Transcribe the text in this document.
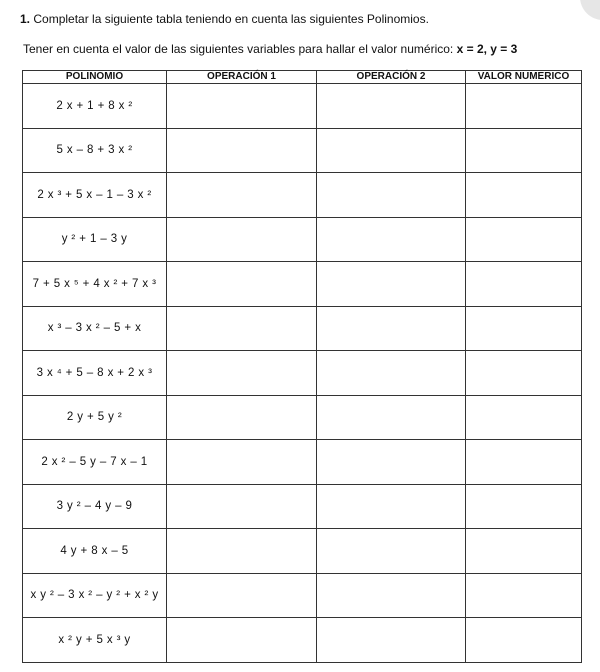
1. Completar la siguiente tabla teniendo en cuenta las siguientes Polinomios.
Tener en cuenta el valor de las siguientes variables para hallar el valor numérico: x = 2, y = 3
POLINOMIO	OPERACIÓN 1	OPERACIÓN 2	VALOR NUMERICO
2 x + 1 + 8 x ²			
5 x – 8 + 3 x ²			
2 x ³ + 5 x – 1 – 3 x ²			
y ² + 1 – 3 y			
7 + 5 x ⁵ + 4 x ² + 7 x ³			
x ³ – 3 x ² – 5 + x			
3 x ⁴ + 5 – 8 x + 2 x ³			
2 y + 5 y ²			
2 x ² – 5 y – 7 x – 1			
3 y ² – 4 y – 9			
4 y + 8 x – 5			
x y ² – 3 x ² – y ² + x ² y			
x ² y + 5 x ³ y			
